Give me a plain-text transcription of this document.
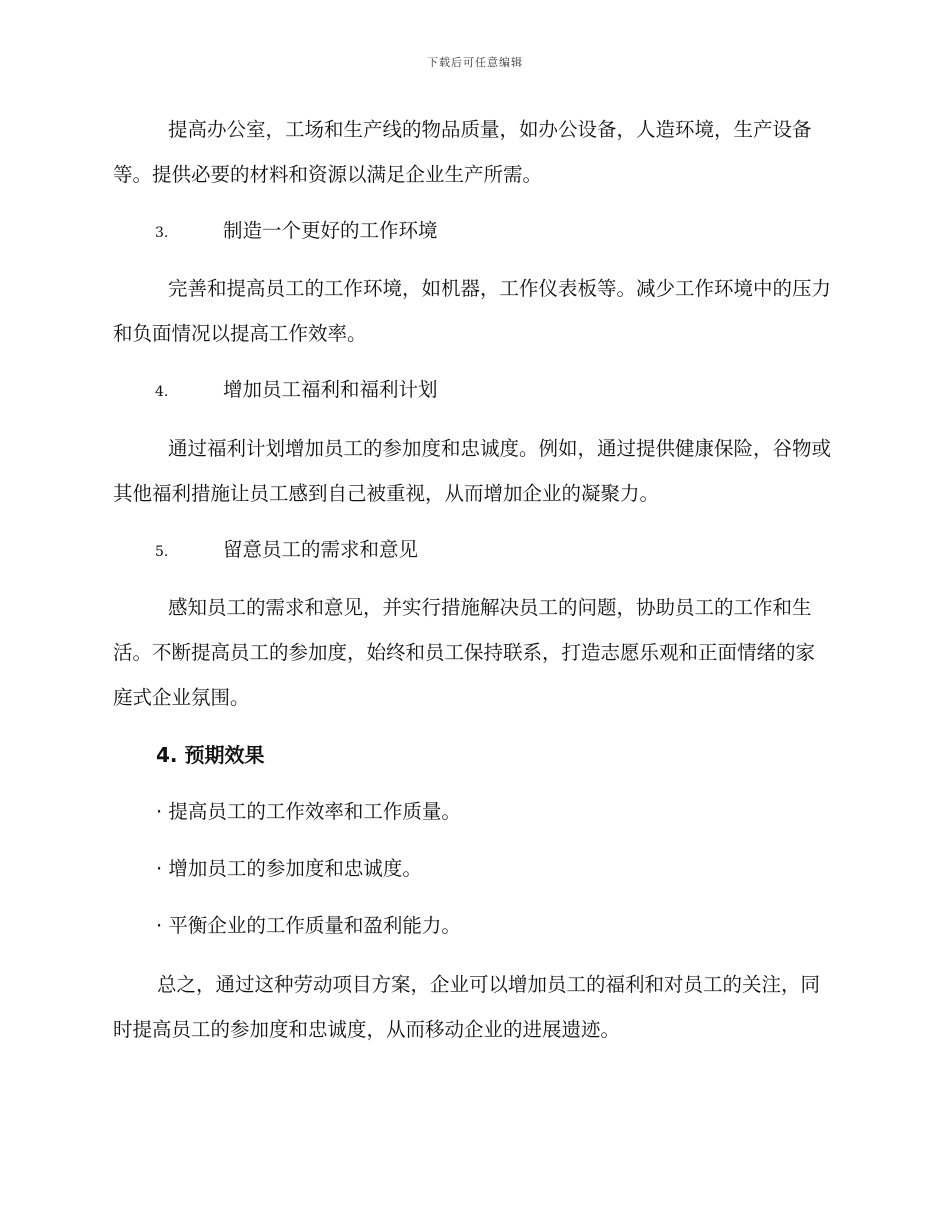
下载后可任意编辑

提高办公室，工场和生产线的物品质量，如办公设备，人造环境，生产设备等。提供必要的材料和资源以满足企业生产所需。

3.	制造一个更好的工作环境

完善和提高员工的工作环境，如机器，工作仪表板等。减少工作环境中的压力和负面情况以提高工作效率。

4.	增加员工福利和福利计划

通过福利计划增加员工的参加度和忠诚度。例如，通过提供健康保险，谷物或其他福利措施让员工感到自己被重视，从而增加企业的凝聚力。

5.	留意员工的需求和意见

感知员工的需求和意见，并实行措施解决员工的问题，协助员工的工作和生活。不断提高员工的参加度，始终和员工保持联系，打造志愿乐观和正面情绪的家庭式企业氛围。

4. 预期效果
· 提高员工的工作效率和工作质量。
· 增加员工的参加度和忠诚度。
· 平衡企业的工作质量和盈利能力。

总之，通过这种劳动项目方案，企业可以增加员工的福利和对员工的关注，同时提高员工的参加度和忠诚度，从而移动企业的进展遗迹。
